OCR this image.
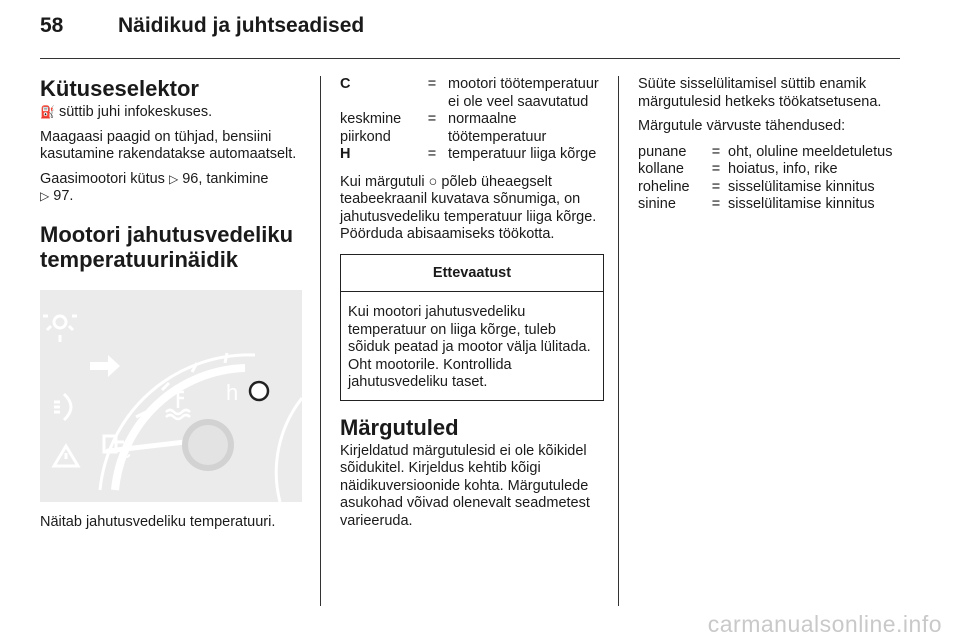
58	Näidikud ja juhtseadised
Kütuseselektor

⛽ süttib juhi infokeskuses.

Maagaasi paagid on tühjad, bensiini kasutamine rakendatakse automaatselt.

Gaasimootori kütus ▷ 96, tankimine
▷ 97.

Mootori jahutusvedeliku temperatuurinäidik
h

Näitab jahutusvedeliku temperatuuri.

C	=	mootori töötemperatuur ei ole veel saavutatud
keskmine piirkond	=	normaalne töötemperatuur
H	=	temperatuur liiga kõrge

Kui märgutuli ○ põleb üheaegselt teabeekraanil kuvatava sõnumiga, on jahutusvedeliku temperatuur liiga kõrge. Pöörduda abisaamiseks töökotta.

Ettevaatust
Kui mootori jahutusvedeliku temperatuur on liiga kõrge, tuleb sõiduk peatad ja mootor välja lülitada. Oht mootorile. Kontrollida jahutusvedeliku taset.
Märgutuled

Kirjeldatud märgutulesid ei ole kõikidel sõidukitel. Kirjeldus kehtib kõigi näidikuversioonide kohta. Märgutulede asukohad võivad olenevalt seadmetest varieeruda.

Süüte sisselülitamisel süttib enamik märgutulesid hetkeks töökatsetusena.

Märgutule värvuste tähendused:

punane	=	oht, oluline meeldetuletus
kollane	=	hoiatus, info, rike
roheline	=	sisselülitamise kinnitus
sinine	=	sisselülitamise kinnitus
carmanualsonline.info
